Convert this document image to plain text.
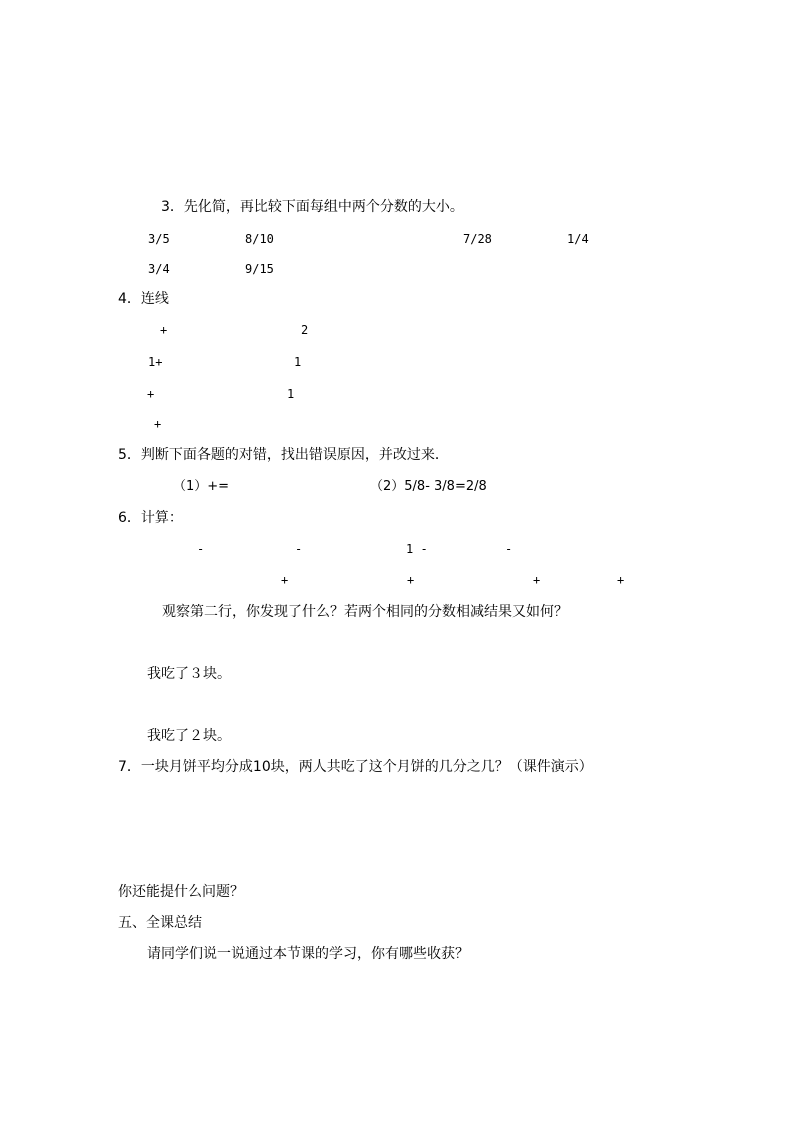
3．先化简，再比较下面每组中两个分数的大小。
3/5	8/10	7/28	1/4
3/4	9/15
4．连线
+	2
1+	1
+	1
+
5．判断下面各题的对错，找出错误原因，并改过来．
（1）+=	（2）5/8- 3/8=2/8
6．计算：
-	-	1 -	-
+	+	+	+
观察第二行，你发现了什么？若两个相同的分数相减结果又如何？
我吃了３块。
我吃了２块。
7．一块月饼平均分成10块，两人共吃了这个月饼的几分之几？（课件演示）
你还能提什么问题？
五、全课总结
请同学们说一说通过本节课的学习，你有哪些收获？
